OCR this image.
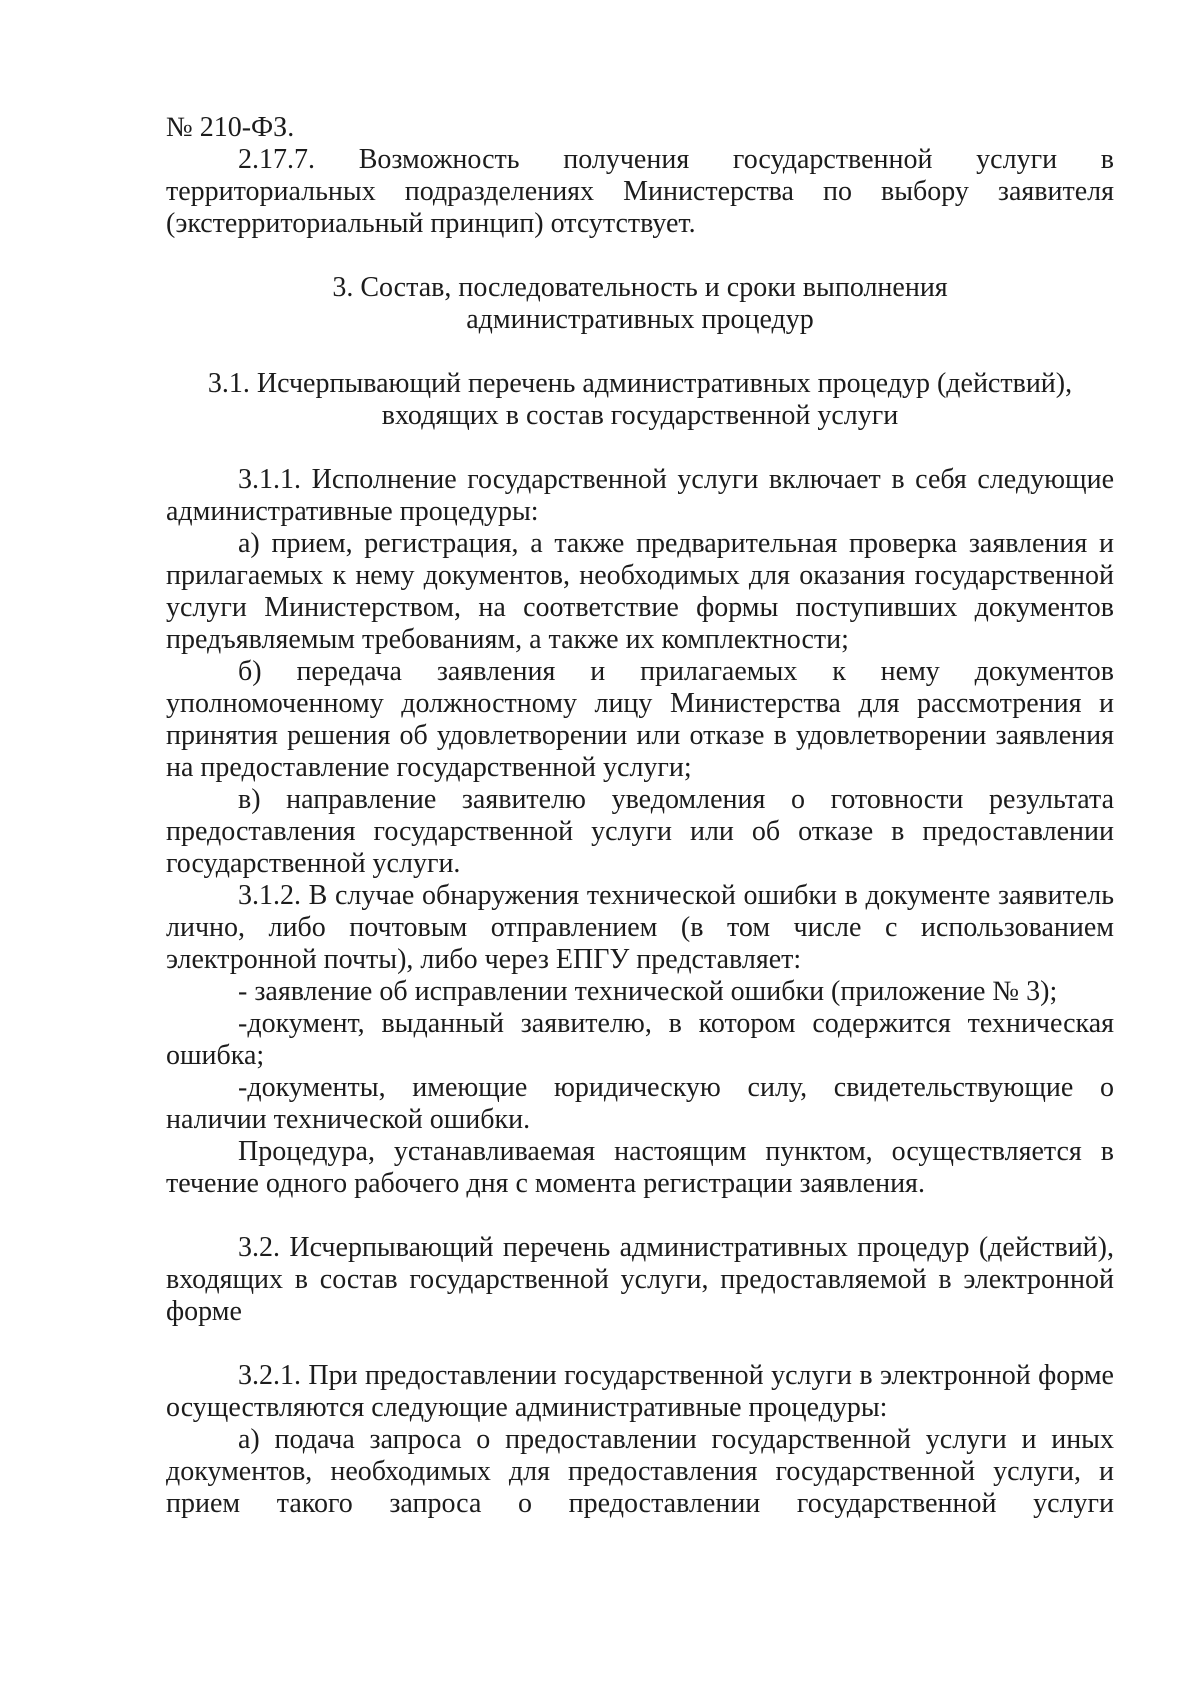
№ 210-ФЗ.

2.17.7. Возможность получения государственной услуги в территориальных подразделениях Министерства по выбору заявителя (экстерриториальный принцип) отсутствует.

3. Состав, последовательность и сроки выполнения административных процедур

3.1. Исчерпывающий перечень административных процедур (действий), входящих в состав государственной услуги

3.1.1. Исполнение государственной услуги включает в себя следующие административные процедуры:

а) прием, регистрация, а также предварительная проверка заявления и прилагаемых к нему документов, необходимых для оказания государственной услуги Министерством, на соответствие формы поступивших документов предъявляемым требованиям, а также их комплектности;

б) передача заявления и прилагаемых к нему документов уполномоченному должностному лицу Министерства для рассмотрения и принятия решения об удовлетворении или отказе в удовлетворении заявления на предоставление государственной услуги;

в) направление заявителю уведомления о готовности результата предоставления государственной услуги или об отказе в предоставлении государственной услуги.

3.1.2. В случае обнаружения технической ошибки в документе заявитель лично, либо почтовым отправлением (в том числе с использованием электронной почты), либо через ЕПГУ представляет:

- заявление об исправлении технической ошибки (приложение № 3);

-документ, выданный заявителю, в котором содержится техническая ошибка;

-документы, имеющие юридическую силу, свидетельствующие о наличии технической ошибки.

Процедура, устанавливаемая настоящим пунктом, осуществляется в течение одного рабочего дня с момента регистрации заявления.

3.2. Исчерпывающий перечень административных процедур (действий), входящих в состав государственной услуги, предоставляемой в электронной форме

3.2.1. При предоставлении государственной услуги в электронной форме осуществляются следующие административные процедуры:

а) подача запроса о предоставлении государственной услуги и иных документов, необходимых для предоставления государственной услуги, и прием такого запроса о предоставлении государственной услуги
